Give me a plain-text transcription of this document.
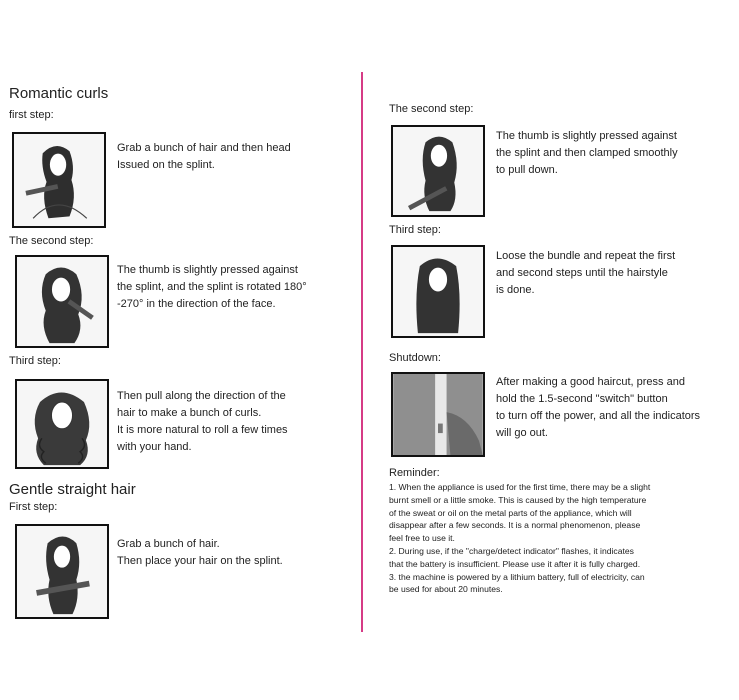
Romantic curls
first step:
Grab a bunch of hair and then head
Issued on the splint.
The second step:
The thumb is slightly pressed against
the splint, and the splint is rotated 180°
-270° in the direction of the face.
Third step:
Then pull along the direction of the
hair to make a bunch of curls.
It is more natural to roll a few times
with your hand.
Gentle straight hair
First step:
Grab a bunch of hair.
Then place your hair on the splint.
The second step:
The thumb is slightly pressed against
the splint and then clamped smoothly
to pull down.
Third step:
Loose the bundle and repeat the first
and second steps until the hairstyle
is done.
Shutdown:
After making a good haircut, press and
hold the 1.5-second "switch" button
to turn off the power, and all the indicators
will go out.
Reminder:
1. When the appliance is used for the first time, there may be a slight
burnt smell or a little smoke. This is caused by the high temperature
of the sweat or oil on the metal parts of the appliance, which will
disappear after a few seconds. It is a normal phenomenon, please
feel free to use it.
2. During use, if the "charge/detect indicator" flashes, it indicates
that the battery is insufficient. Please use it after it is fully charged.
3. the machine is powered by a lithium battery, full of electricity, can
be used for about 20 minutes.
